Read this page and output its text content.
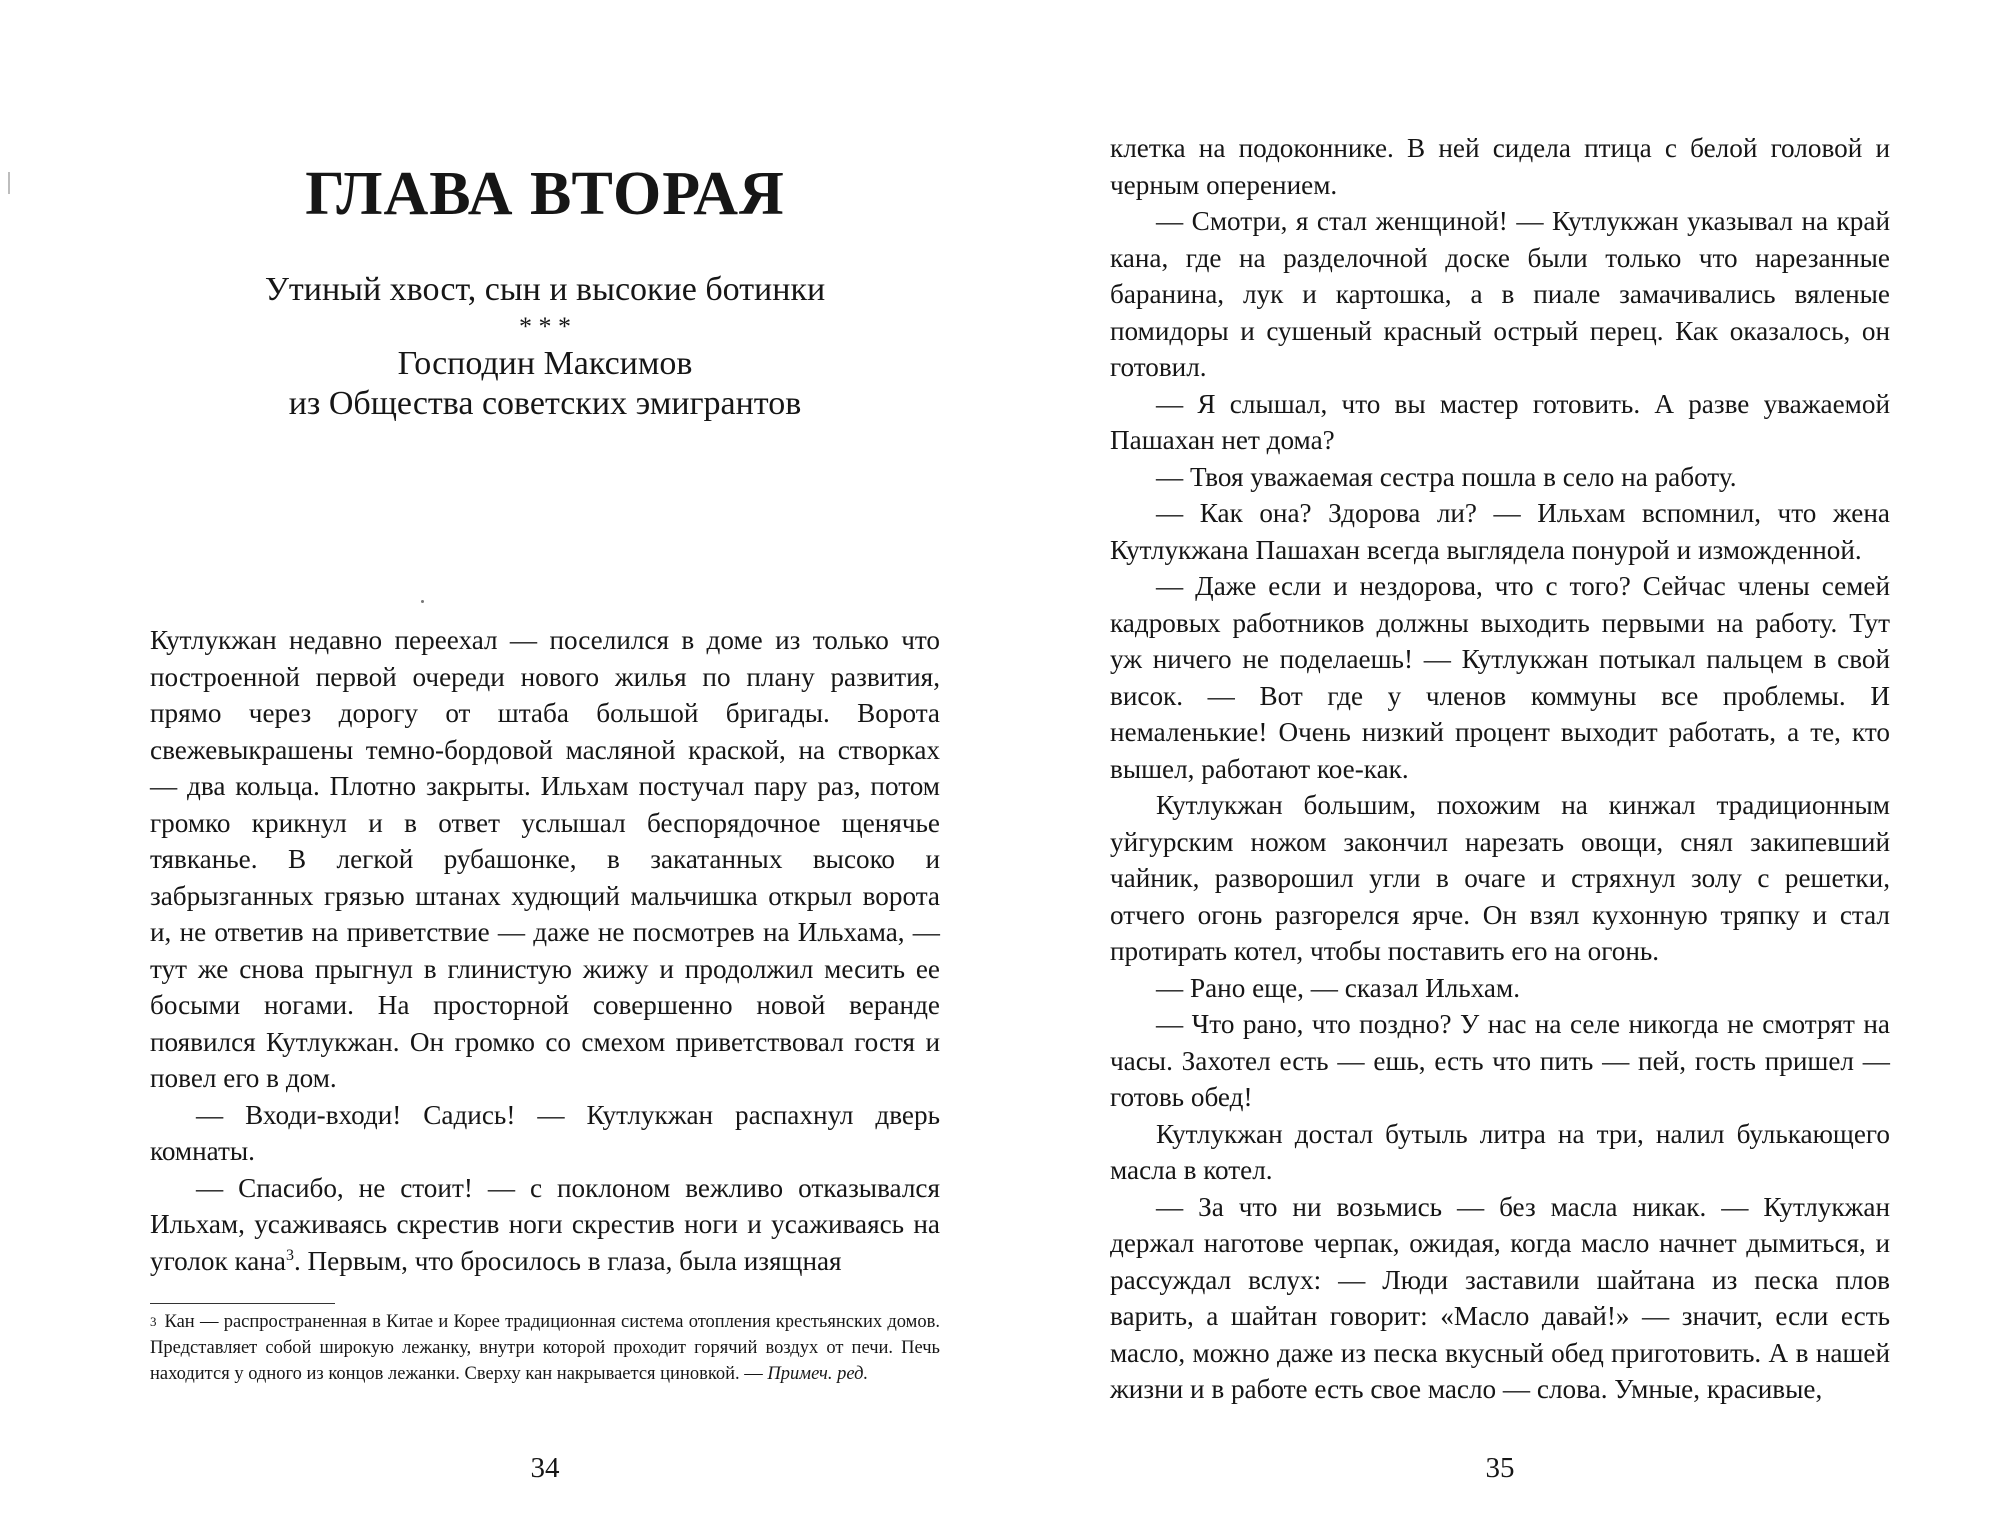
ГЛАВА ВТОРАЯ
Утиный хвост, сын и высокие ботинки
* * *
Господин Максимов
из Общества советских эмигрантов

Кутлукжан недавно переехал — поселился в доме из только что построенной первой очереди нового жилья по плану развития, прямо через дорогу от штаба большой бригады. Ворота свежевыкрашены темно-бордовой масляной краской, на створках — два кольца. Плотно закрыты. Ильхам постучал пару раз, потом громко крикнул и в ответ услышал беспорядочное щенячье тявканье. В легкой рубашонке, в закатанных высоко и забрызганных грязью штанах худющий мальчишка открыл ворота и, не ответив на приветствие — даже не посмотрев на Ильхама, — тут же снова прыгнул в глинистую жижу и продолжил месить ее босыми ногами. На просторной совершенно новой веранде появился Кутлукжан. Он громко со смехом приветствовал гостя и повел его в дом.

— Входи-входи! Садись! — Кутлукжан распахнул дверь комнаты.

— Спасибо, не стоит! — с поклоном вежливо отказывался Ильхам, усаживаясь скрестив ноги скрестив ноги и усаживаясь на уголок кана$^3$. Первым, что бросилось в глаза, была изящная

$^3$ Кан — распространенная в Китае и Корее традиционная система отопления крестьянских домов. Представляет собой широкую лежанку, внутри которой проходит горячий воздух от печи. Печь находится у одного из концов лежанки. Сверху кан накрывается циновкой. — Примеч. ред.

34

клетка на подоконнике. В ней сидела птица с белой головой и черным оперением.

— Смотри, я стал женщиной! — Кутлукжан указывал на край кана, где на разделочной доске были только что нарезанные баранина, лук и картошка, а в пиале замачивались вяленые помидоры и сушеный красный острый перец. Как оказалось, он готовил.

— Я слышал, что вы мастер готовить. А разве уважаемой Пашахан нет дома?

— Твоя уважаемая сестра пошла в село на работу.

— Как она? Здорова ли? — Ильхам вспомнил, что жена Кутлукжана Пашахан всегда выглядела понурой и изможденной.

— Даже если и нездорова, что с того? Сейчас члены семей кадровых работников должны выходить первыми на работу. Тут уж ничего не поделаешь! — Кутлукжан потыкал пальцем в свой висок. — Вот где у членов коммуны все проблемы. И немаленькие! Очень низкий процент выходит работать, а те, кто вышел, работают кое-как.

Кутлукжан большим, похожим на кинжал традиционным уйгурским ножом закончил нарезать овощи, снял закипевший чайник, разворошил угли в очаге и стряхнул золу с решетки, отчего огонь разгорелся ярче. Он взял кухонную тряпку и стал протирать котел, чтобы поставить его на огонь.

— Рано еще, — сказал Ильхам.

— Что рано, что поздно? У нас на селе никогда не смотрят на часы. Захотел есть — ешь, есть что пить — пей, гость пришел — готовь обед!

Кутлукжан достал бутыль литра на три, налил булькающего масла в котел.

— За что ни возьмись — без масла никак. — Кутлукжан держал наготове черпак, ожидая, когда масло начнет дымиться, и рассуждал вслух: — Люди заставили шайтана из песка плов варить, а шайтан говорит: «Масло давай!» — значит, если есть масло, можно даже из песка вкусный обед приготовить. А в нашей жизни и в работе есть свое масло — слова. Умные, красивые,

35
